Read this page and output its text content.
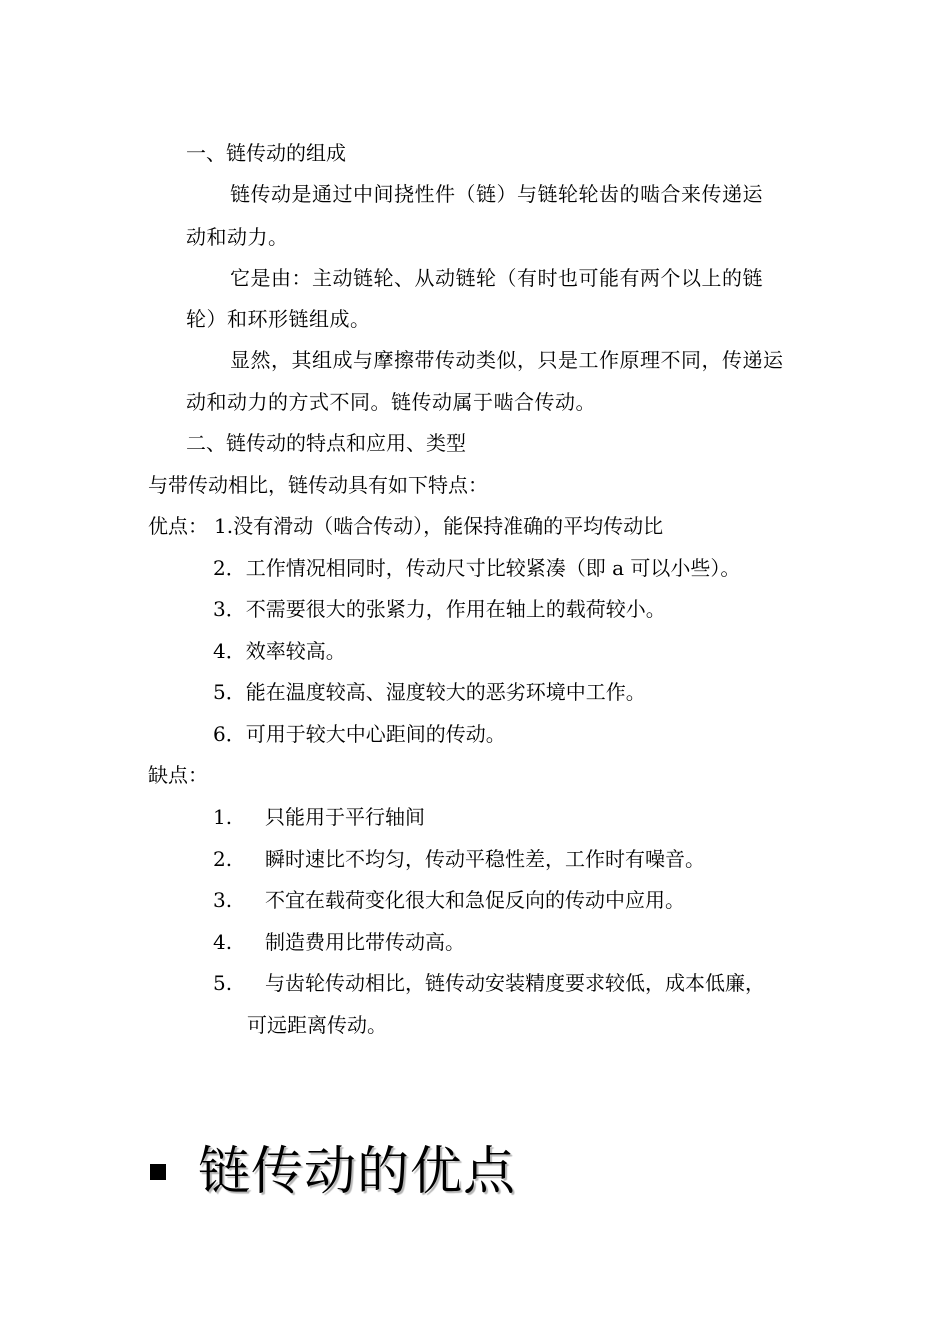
一、链传动的组成
链传动是通过中间挠性件（链）与链轮轮齿的啮合来传递运
动和动力。
它是由：主动链轮、从动链轮（有时也可能有两个以上的链
轮）和环形链组成。
显然，其组成与摩擦带传动类似，只是工作原理不同，传递运
动和动力的方式不同。链传动属于啮合传动。
二、链传动的特点和应用、类型
与带传动相比，链传动具有如下特点：
优点： 1.没有滑动（啮合传动），能保持准确的平均传动比
2．工作情况相同时，传动尺寸比较紧凑（即 a 可以小些）。
3．不需要很大的张紧力，作用在轴上的载荷较小。
4．效率较高。
5．能在温度较高、湿度较大的恶劣环境中工作。
6．可用于较大中心距间的传动。
缺点：
1. 只能用于平行轴间
2. 瞬时速比不均匀，传动平稳性差，工作时有噪音。
3. 不宜在载荷变化很大和急促反向的传动中应用。
4. 制造费用比带传动高。
5. 与齿轮传动相比，链传动安装精度要求较低，成本低廉，
可远距离传动。
链传动的优点
